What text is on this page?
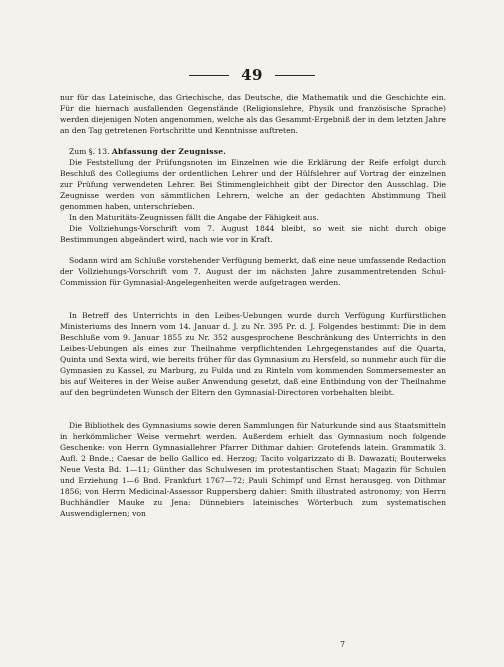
49

nur für das Lateinische, das Griechische, das Deutsche, die Mathematik und die Geschichte ein. Für die hiernach ausfallenden Gegenstände (Religionslehre, Physik und französische Sprache) werden diejenigen Noten angenommen, welche als das Gesammt-Ergebniß der in dem letzten Jahre an den Tag getretenen Fortschritte und Kenntnisse auftreten.

Zum §. 13. Abfassung der Zeugnisse.

Die Feststellung der Prüfungsnoten im Einzelnen wie die Erklärung der Reife erfolgt durch Beschluß des Collegiums der ordentlichen Lehrer und der Hülfslehrer auf Vortrag der einzelnen zur Prüfung verwendeten Lehrer. Bei Stimmengleichheit gibt der Director den Ausschlag. Die Zeugnisse werden von sämmtlichen Lehrern, welche an der gedachten Abstimmung Theil genommen haben, unterschrieben.

In den Maturitäts-Zeugnissen fällt die Angabe der Fähigkeit aus.

Die Vollziehungs-Vorschrift vom 7. August 1844 bleibt, so weit sie nicht durch obige Bestimmungen abgeändert wird, nach wie vor in Kraft.

Sodann wird am Schluße vorstehender Verfügung bemerkt, daß eine neue umfassende Redaction der Vollziehungs-Vorschrift vom 7. August der im nächsten Jahre zusammentretenden Schul-Commission für Gymnasial-Angelegenheiten werde aufgetragen werden.

In Betreff des Unterrichts in den Leibes-Uebungen wurde durch Verfügung Kurfürstlichen Ministeriums des Innern vom 14. Januar d. J. zu Nr. 395 Pr. d. J. Folgendes bestimmt: Die in dem Beschluße vom 9. Januar 1855 zu Nr. 352 ausgesprochene Beschränkung des Unterrichts in den Leibes-Uebungen als eines zur Theilnahme verpflichtenden Lehrgegenstandes auf die Quarta, Quinta und Sexta wird, wie bereits früher für das Gymnasium zu Hersfeld, so nunmehr auch für die Gymnasien zu Kassel, zu Marburg, zu Fulda und zu Rinteln vom kommenden Sommersemester an bis auf Weiteres in der Weise außer Anwendung gesetzt, daß eine Entbindung von der Theilnahme auf den begründeten Wunsch der Eltern den Gymnasial-Directoren vorbehalten bleibt.

Die Bibliothek des Gymnasiums sowie deren Sammlungen für Naturkunde sind aus Staatsmitteln in herkömmlicher Weise vermehrt werden. Außerdem erhielt das Gymnasium noch folgende Geschenke: von Herrn Gymnasiallehrer Pfarrer Dithmar dahier: Grotefends latein. Grammatik 3. Aufl. 2 Bnde.; Caesar de bello Gallico ed. Herzog; Tacito volgarizzato di B. Dawazati; Bouterweks Neue Vesta Bd. 1—11; Günther das Schulwesen im protestantischen Staat; Magazin für Schulen und Erziehung 1—6 Bnd. Frankfurt 1767—72; Pauli Schimpf und Ernst herausgeg. von Dithmar 1856; von Herrn Medicinal-Assessor Ruppersberg dahier: Smith illustrated astronomy; von Herrn Buchhändler Mauke zu Jena: Dünnebiers lateinisches Wörterbuch zum systematischen Auswendiglernen; von

7
